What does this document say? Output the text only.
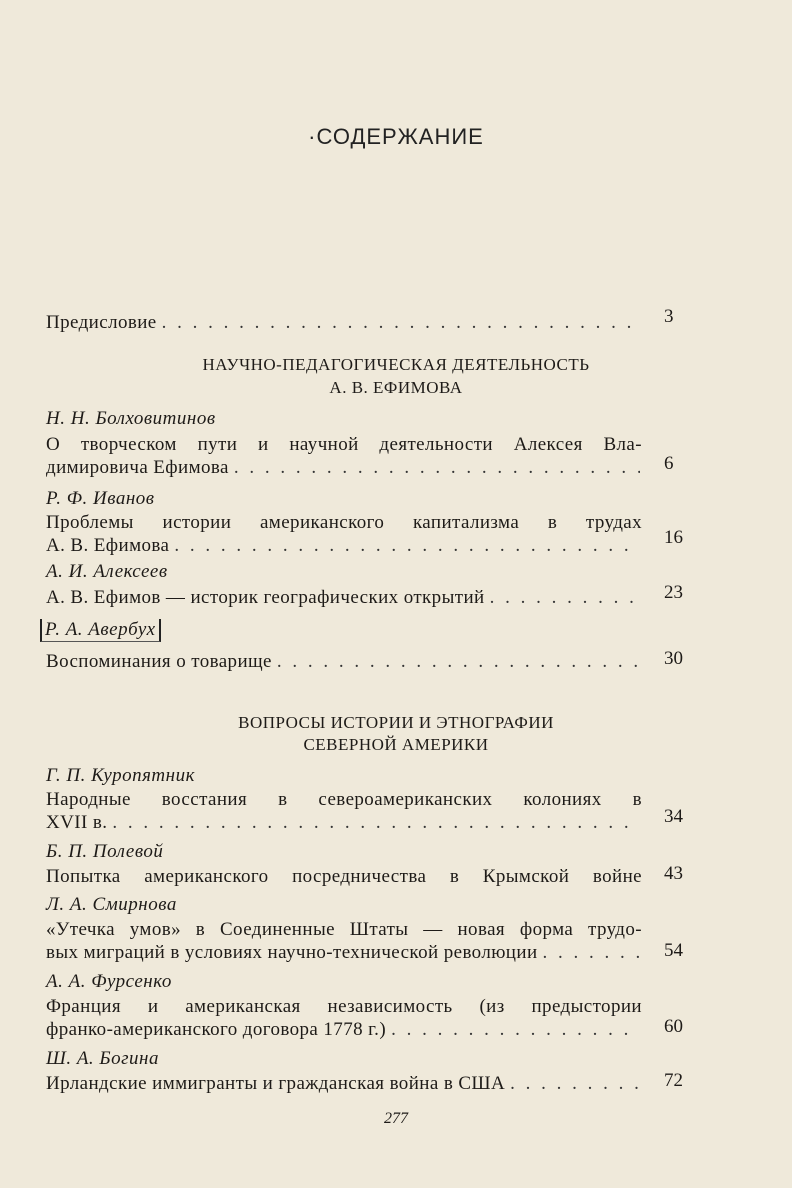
·СОДЕРЖАНИЕ
Предисловие . . .	3
НАУЧНО-ПЕДАГОГИЧЕСКАЯ ДЕЯТЕЛЬНОСТЬ
А. В. ЕФИМОВА
Н. Н. Болховитинов
О творческом пути и научной деятельности Алексея Вла-
димировича Ефимова . . .	6
Р. Ф. Иванов
Проблемы истории американского капитализма в трудах
А. В. Ефимова . . .	16
А. И. Алексеев
А. В. Ефимов — историк географических открытий . . .	23
Р. А. Авербух
Воспоминания о товарище . . .	30
ВОПРОСЫ ИСТОРИИ И ЭТНОГРАФИИ
СЕВЕРНОЙ АМЕРИКИ
Г. П. Куропятник
Народные восстания в североамериканских колониях в
XVII в. . . .	34
Б. П. Полевой
Попытка американского посредничества в Крымской войне 43
Л. А. Смирнова
«Утечка умов» в Соединенные Штаты — новая форма трудо-
вых миграций в условиях научно-технической революции . . .	54
А. А. Фурсенко
Франция и американская независимость (из предыстории
франко-американского договора 1778 г.) . . .	60
Ш. А. Богина
Ирландские иммигранты и гражданская война в США . . .	72
277
